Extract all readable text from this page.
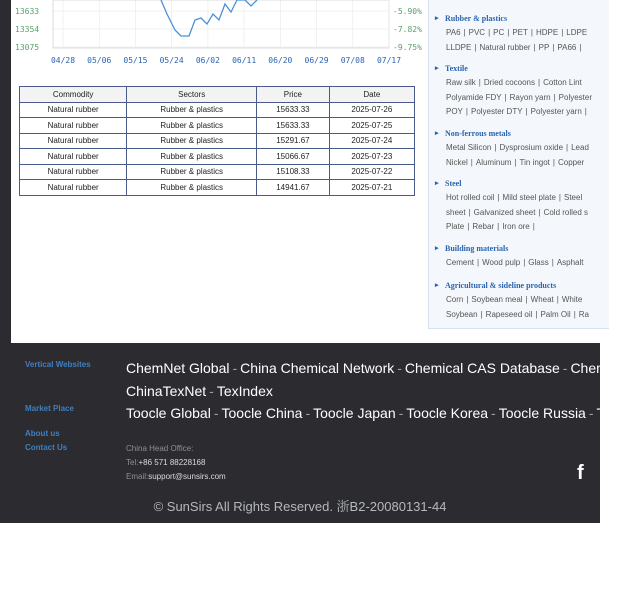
13633
13354
13075
-5.90%
-7.82%
-9.75%
04/28 05/06 05/15 05/24 06/02 06/11 06/20 06/29 07/08 07/17
Commodity	Sectors	Price	Date
Natural rubber	Rubber & plastics	15633.33	2025-07-26
Natural rubber	Rubber & plastics	15633.33	2025-07-25
Natural rubber	Rubber & plastics	15291.67	2025-07-24
Natural rubber	Rubber & plastics	15066.67	2025-07-23
Natural rubber	Rubber & plastics	15108.33	2025-07-22
Natural rubber	Rubber & plastics	14941.67	2025-07-21
▸ Rubber & plastics
PA6 | PVC | PC | PET | HDPE | LDPE
LLDPE | Natural rubber | PP | PA66 |
▸ Textile
Raw silk | Dried cocoons | Cotton Lint
Polyamide FDY | Rayon yarn | Polyester
POY | Polyester DTY | Polyester yarn |
▸ Non-ferrous metals
Metal Silicon | Dysprosium oxide | Lead
Nickel | Aluminum | Tin ingot | Copper
▸ Steel
Hot rolled coil | Mild steel plate | Steel
sheet | Galvanized sheet | Cold rolled s
Plate | Rebar | Iron ore |
▸ Building materials
Cement | Wood pulp | Glass | Asphalt
▸ Agricultural & sideline products
Corn | Soybean meal | Wheat | White
Soybean | Rapeseed oil | Palm Oil | Ra
Vertical Websites	ChemNet Global - China Chemical Network - Chemical CAS Database - ChemI
ChinaTexNet - TexIndex
Market Place	Toocle Global - Toocle China - Toocle Japan - Toocle Korea - Toocle Russia - Tooc
About us
Contact Us	China Head Office:
Tel:+86 571 88228168
Email:support@sunsirs.com	f
© SunSirs All Rights Reserved. 浙B2-20080131-44
